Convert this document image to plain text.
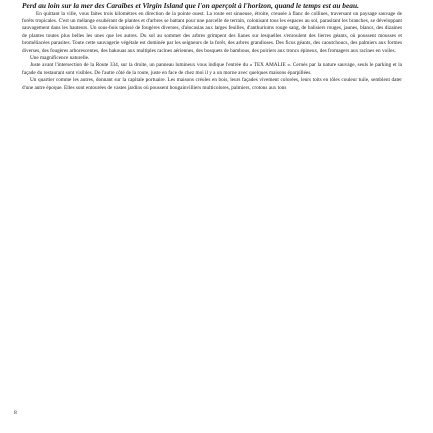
Perd au loin sur la mer des Caraïbes et Virgin Island que l'on aperçoit à l'horizon, quand le temps est au beau.

En quittant la ville, vous faites trois kilomètres en direction de la pointe ouest. La route est sinueuse, étroite, creusée à flanc de collines, traversant un paysage sauvage de forêts tropicales. C'est un mélange exubérant de plantes et d'arbres se battant pour une parcelle de terrain, colonisant tous les espaces au sol, parasitant les branches, se développant sauvagement dans les hauteurs. Un sous-bois tapissé de fougères diverses, d'alocasias aux larges feuilles, d'anthuriums rouge sang, de balisiers rouges, jaunes, blancs, des dizaines de plantes toutes plus belles les unes que les autres. Du sol au sommet des arbres grimpent des lianes sur lesquelles s'enroulent des lierres géants, où poussent mousses et broméliacées parasites. Toute cette sauvagerie végétale est dominée par les seigneurs de la forêt, des arbres grandioses. Des ficus géants, des caoutchoucs, des palmiers aux formes diverses, des fougères arborescentes, des bakouas aux multiples racines aériennes, des bosquets de bambous, des poiriers aux troncs épineux, des fromagers aux racines en voiles.

Une magnificence naturelle.

Juste avant l'intersection de la Route 334, sur la droite, un panneau lumineux vous indique l'entrée du « TEX AMALIE ». Cernés par la nature sauvage, seuls le parking et la façade du restaurant sont visibles. De l'autre côté de la route, juste en face de chez moi il y a un morne avec quelques maisons éparpillées.

Un quartier comme les autres, donnant sur la capitale portuaire. Les maisons créoles en bois, leurs façades vivement colorées, leurs toits en tôles couleur tuile, semblent dater d'une autre époque. Elles sont entourées de vastes jardins où poussent bougainvilliers multicolores, palmiers, crotons aux tons

8
